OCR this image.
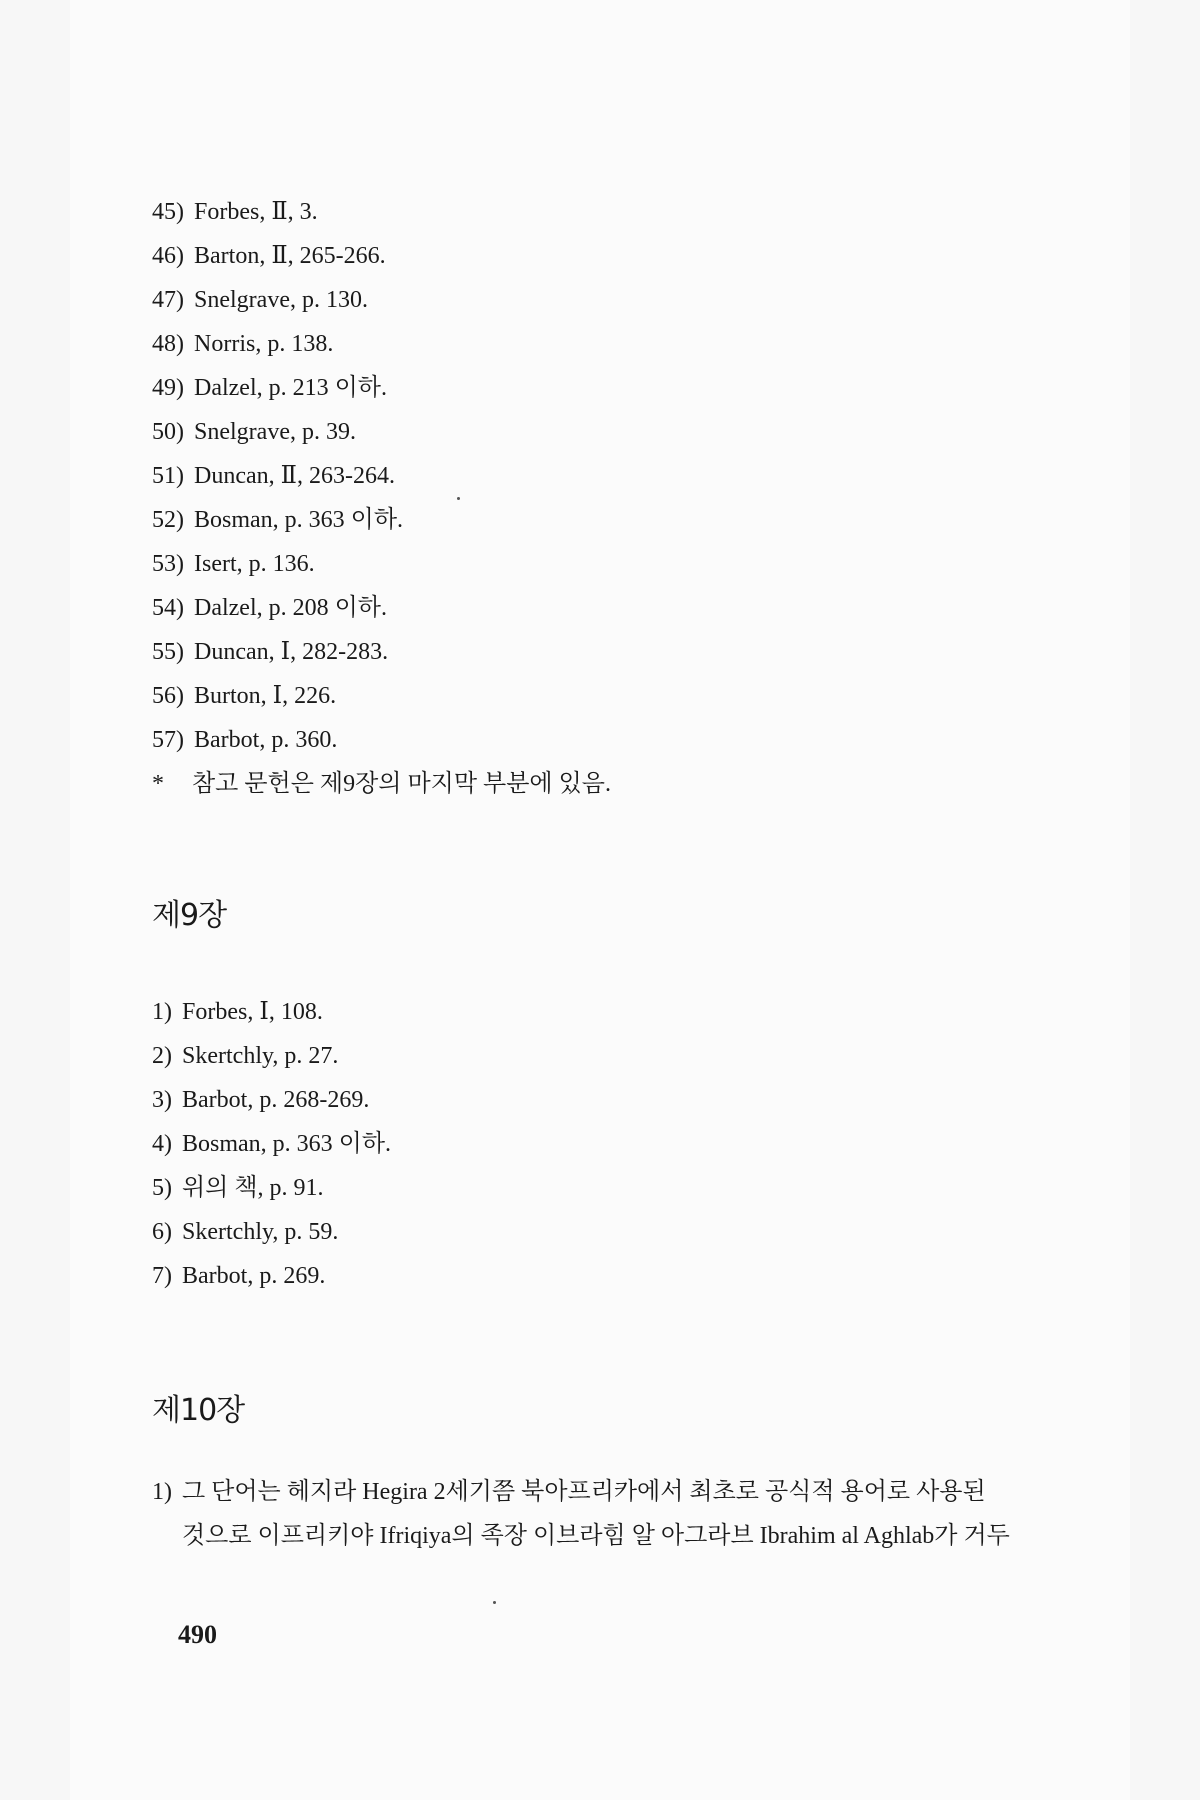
45) Forbes, Ⅱ, 3.
46) Barton, Ⅱ, 265-266.
47) Snelgrave, p. 130.
48) Norris, p. 138.
49) Dalzel, p. 213 이하.
50) Snelgrave, p. 39.
51) Duncan, Ⅱ, 263-264.
52) Bosman, p. 363 이하.
53) Isert, p. 136.
54) Dalzel, p. 208 이하.
55) Duncan, Ⅰ, 282-283.
56) Burton, Ⅰ, 226.
57) Barbot, p. 360.
* 참고 문헌은 제9장의 마지막 부분에 있음.
제9장
1) Forbes, Ⅰ, 108.
2) Skertchly, p. 27.
3) Barbot, p. 268-269.
4) Bosman, p. 363 이하.
5) 위의 책, p. 91.
6) Skertchly, p. 59.
7) Barbot, p. 269.
제10장
1) 그 단어는 헤지라 Hegira 2세기쯤 북아프리카에서 최초로 공식적 용어로 사용된
것으로 이프리키야 Ifriqiya의 족장 이브라힘 알 아그라브 Ibrahim al Aghlab가 거두
490
